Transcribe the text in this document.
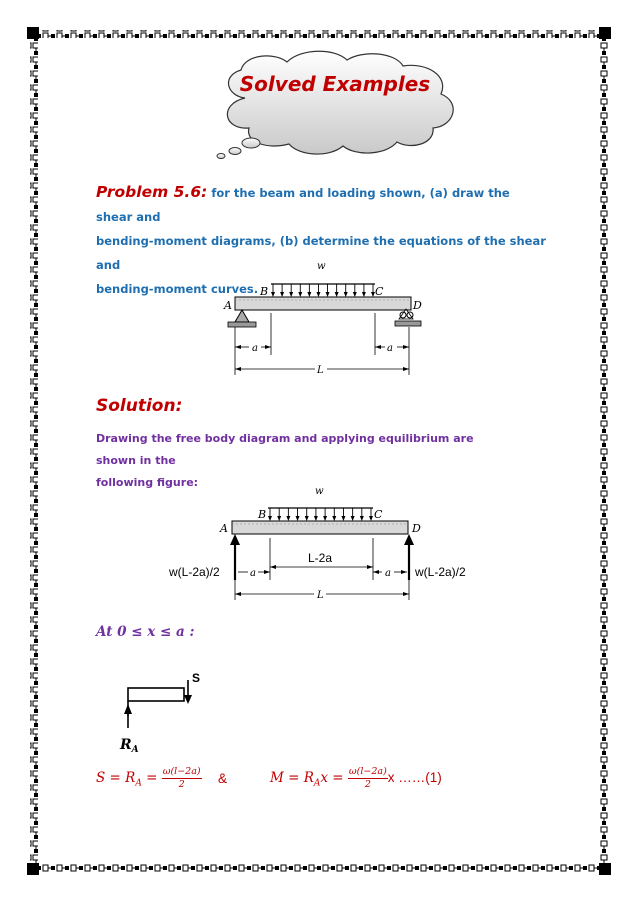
Solved Examples
Problem 5.6: for the beam and loading shown, (a) draw the shear and
bending-moment diagrams, (b) determine the equations of the shear and
bending-moment curves.
w
A
B	C
D
a	a
L
Solution:
Drawing the free body diagram and applying equilibrium are shown in the
following figure:
w
A
B	C
D
w(L-2a)/2	w(L-2a)/2
a
L-2a
a
L
At 0 ≤ x ≤ a :
S
$R_A$
$S = R_A = \frac{\omega(l-2a)}{2}$ &	$M = R_Ax = \frac{\omega(l-2a)}{2}$ x ……(1)
